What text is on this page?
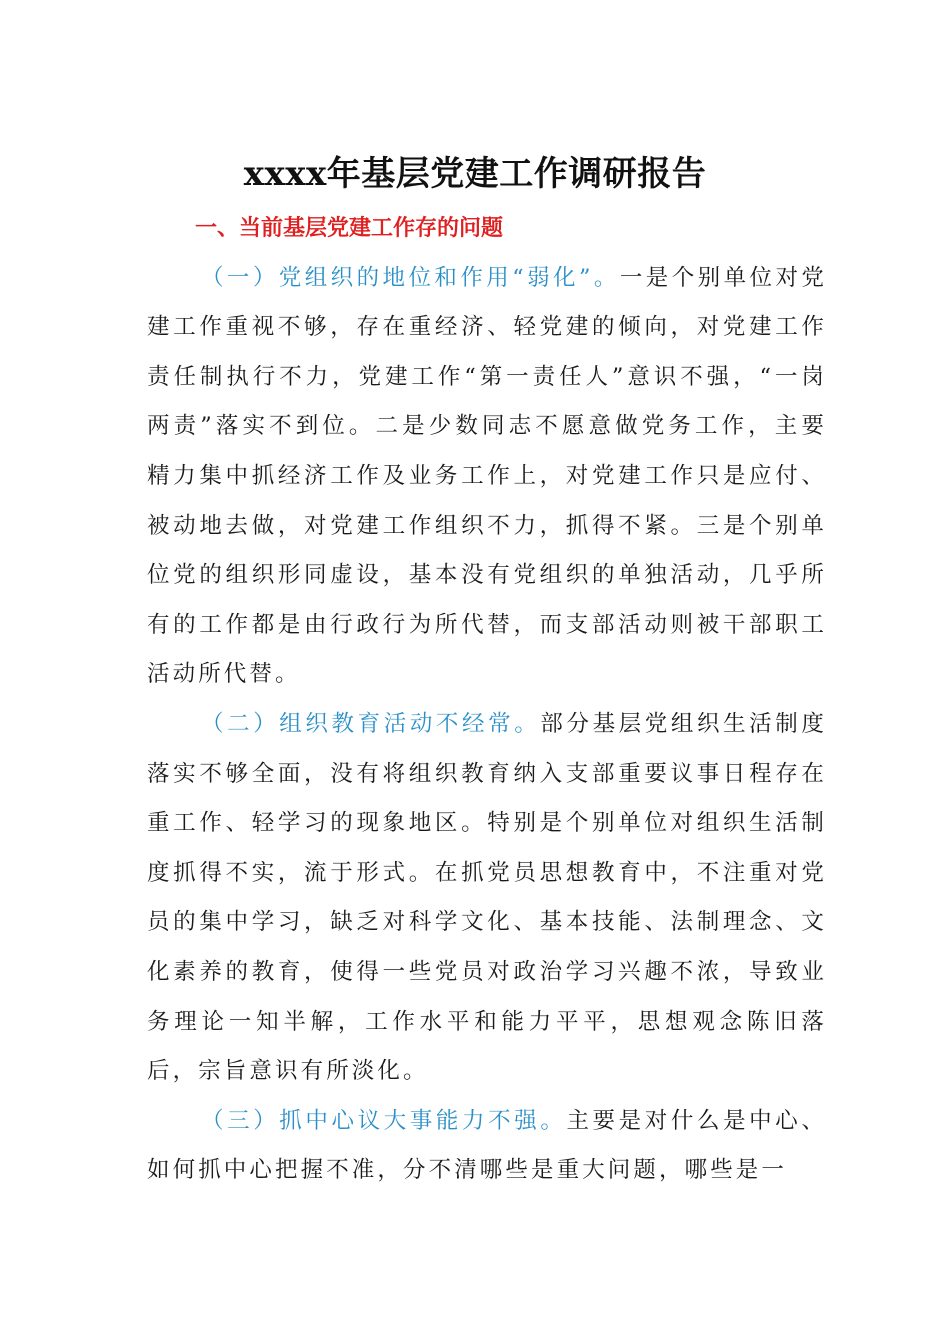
xxxx年基层党建工作调研报告
一、当前基层党建工作存的问题

（一）党组织的地位和作用“弱化”。一是个别单位对党建工作重视不够，存在重经济、轻党建的倾向，对党建工作责任制执行不力，党建工作“第一责任人”意识不强，“一岗两责”落实不到位。二是少数同志不愿意做党务工作，主要精力集中抓经济工作及业务工作上，对党建工作只是应付、被动地去做，对党建工作组织不力，抓得不紧。三是个别单位党的组织形同虚设，基本没有党组织的单独活动，几乎所有的工作都是由行政行为所代替，而支部活动则被干部职工活动所代替。

（二）组织教育活动不经常。部分基层党组织生活制度落实不够全面，没有将组织教育纳入支部重要议事日程存在重工作、轻学习的现象地区。特别是个别单位对组织生活制度抓得不实，流于形式。在抓党员思想教育中，不注重对党员的集中学习，缺乏对科学文化、基本技能、法制理念、文化素养的教育，使得一些党员对政治学习兴趣不浓，导致业务理论一知半解，工作水平和能力平平，思想观念陈旧落后，宗旨意识有所淡化。

（三）抓中心议大事能力不强。主要是对什么是中心、如何抓中心把握不准，分不清哪些是重大问题，哪些是一
